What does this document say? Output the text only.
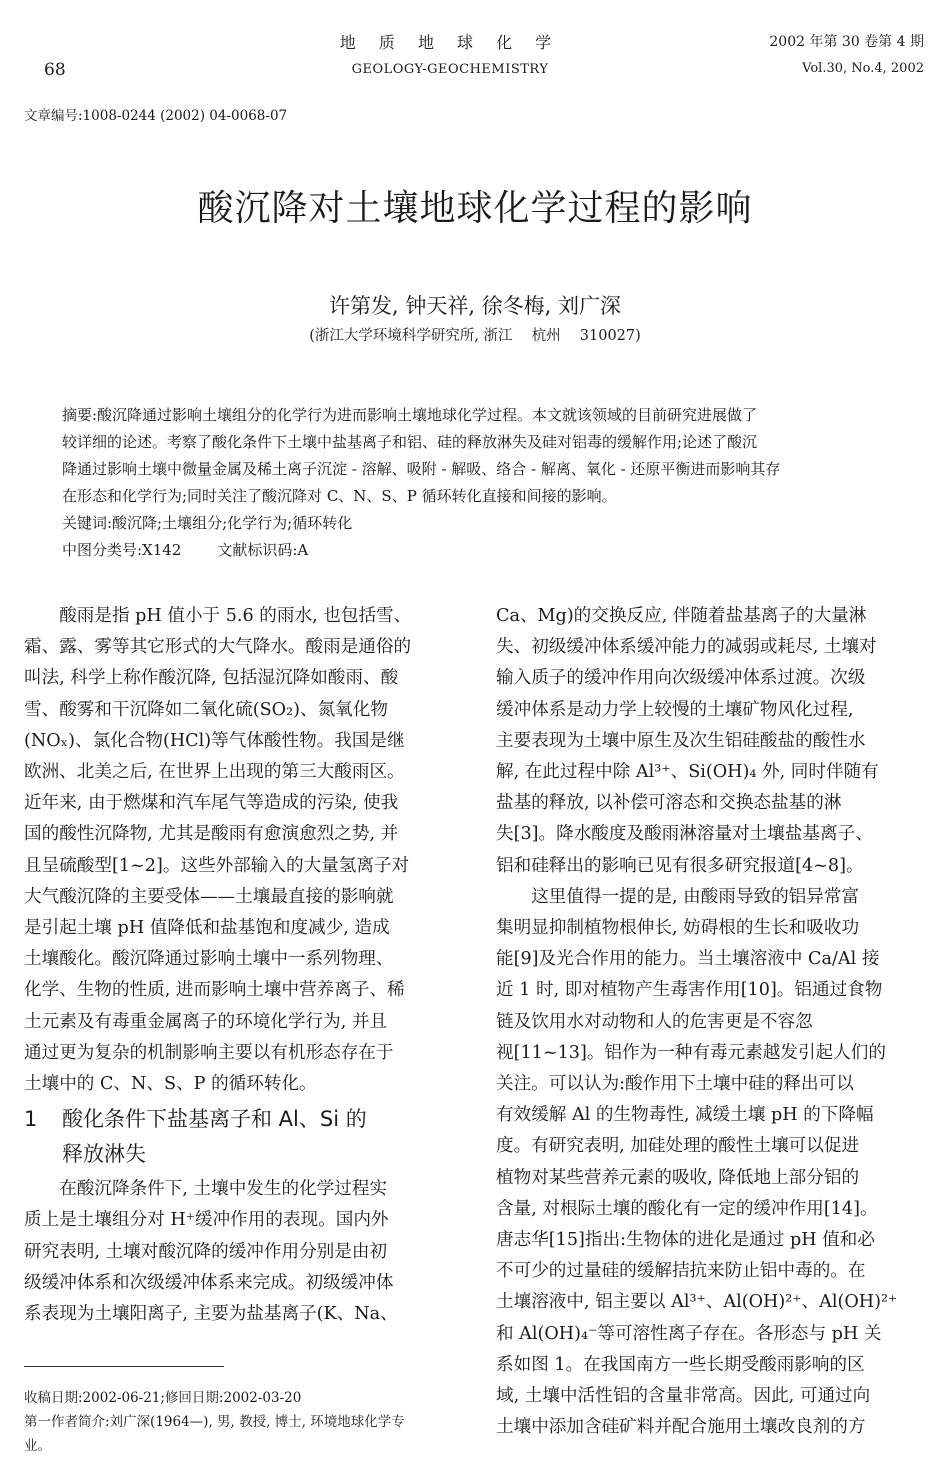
地 质 地 球 化 学
GEOLOGY-GEOCHEMISTRY
68
2002 年第 30 卷第 4 期
Vol.30, No.4, 2002
文章编号:1008-0244 (2002) 04-0068-07
酸沉降对土壤地球化学过程的影响
许第发, 钟天祥, 徐冬梅, 刘广深
(浙江大学环境科学研究所, 浙江　 杭州　 310027)
摘要:酸沉降通过影响土壤组分的化学行为进而影响土壤地球化学过程。本文就该领域的目前研究进展做了
较详细的论述。考察了酸化条件下土壤中盐基离子和铝、硅的释放淋失及硅对铝毒的缓解作用;论述了酸沉
降通过影响土壤中微量金属及稀土离子沉淀 - 溶解、吸附 - 解吸、络合 - 解离、氧化 - 还原平衡进而影响其存
在形态和化学行为;同时关注了酸沉降对 C、N、S、P 循环转化直接和间接的影响。
关键词:酸沉降;土壤组分;化学行为;循环转化
中图分类号:X142 文献标识码:A
　　酸雨是指 pH 值小于 5.6 的雨水, 也包括雪、
霜、露、雾等其它形式的大气降水。酸雨是通俗的
叫法, 科学上称作酸沉降, 包括湿沉降如酸雨、酸
雪、酸雾和干沉降如二氧化硫(SO₂)、氮氧化物
(NOₓ)、氯化合物(HCl)等气体酸性物。我国是继
欧洲、北美之后, 在世界上出现的第三大酸雨区。
近年来, 由于燃煤和汽车尾气等造成的污染, 使我
国的酸性沉降物, 尤其是酸雨有愈演愈烈之势, 并
且呈硫酸型[1~2]。这些外部输入的大量氢离子对
大气酸沉降的主要受体——土壤最直接的影响就
是引起土壤 pH 值降低和盐基饱和度减少, 造成
土壤酸化。酸沉降通过影响土壤中一系列物理、
化学、生物的性质, 进而影响土壤中营养离子、稀
土元素及有毒重金属离子的环境化学行为, 并且
通过更为复杂的机制影响主要以有机形态存在于
土壤中的 C、N、S、P 的循环转化。
1 酸化条件下盐基离子和 Al、Si 的
释放淋失
　　在酸沉降条件下, 土壤中发生的化学过程实
质上是土壤组分对 H⁺缓冲作用的表现。国内外
研究表明, 土壤对酸沉降的缓冲作用分别是由初
级缓冲体系和次级缓冲体系来完成。初级缓冲体
系表现为土壤阳离子, 主要为盐基离子(K、Na、
收稿日期:2002-06-21;修回日期:2002-03-20
第一作者简介:刘广深(1964—), 男, 教授, 博士, 环境地球化学专
业。
Ca、Mg)的交换反应, 伴随着盐基离子的大量淋
失、初级缓冲体系缓冲能力的减弱或耗尽, 土壤对
输入质子的缓冲作用向次级缓冲体系过渡。次级
缓冲体系是动力学上较慢的土壤矿物风化过程,
主要表现为土壤中原生及次生铝硅酸盐的酸性水
解, 在此过程中除 Al³⁺、Si(OH)₄ 外, 同时伴随有
盐基的释放, 以补偿可溶态和交换态盐基的淋
失[3]。降水酸度及酸雨淋溶量对土壤盐基离子、
铝和硅释出的影响已见有很多研究报道[4~8]。
　　这里值得一提的是, 由酸雨导致的铝异常富
集明显抑制植物根伸长, 妨碍根的生长和吸收功
能[9]及光合作用的能力。当土壤溶液中 Ca/Al 接
近 1 时, 即对植物产生毒害作用[10]。铝通过食物
链及饮用水对动物和人的危害更是不容忽
视[11~13]。铝作为一种有毒元素越发引起人们的
关注。可以认为:酸作用下土壤中硅的释出可以
有效缓解 Al 的生物毒性, 减缓土壤 pH 的下降幅
度。有研究表明, 加硅处理的酸性土壤可以促进
植物对某些营养元素的吸收, 降低地上部分铝的
含量, 对根际土壤的酸化有一定的缓冲作用[14]。
唐志华[15]指出:生物体的进化是通过 pH 值和必
不可少的过量硅的缓解拮抗来防止铝中毒的。在
土壤溶液中, 铝主要以 Al³⁺、Al(OH)²⁺、Al(OH)²⁺
和 Al(OH)₄⁻等可溶性离子存在。各形态与 pH 关
系如图 1。在我国南方一些长期受酸雨影响的区
域, 土壤中活性铝的含量非常高。因此, 可通过向
土壤中添加含硅矿料并配合施用土壤改良剂的方
